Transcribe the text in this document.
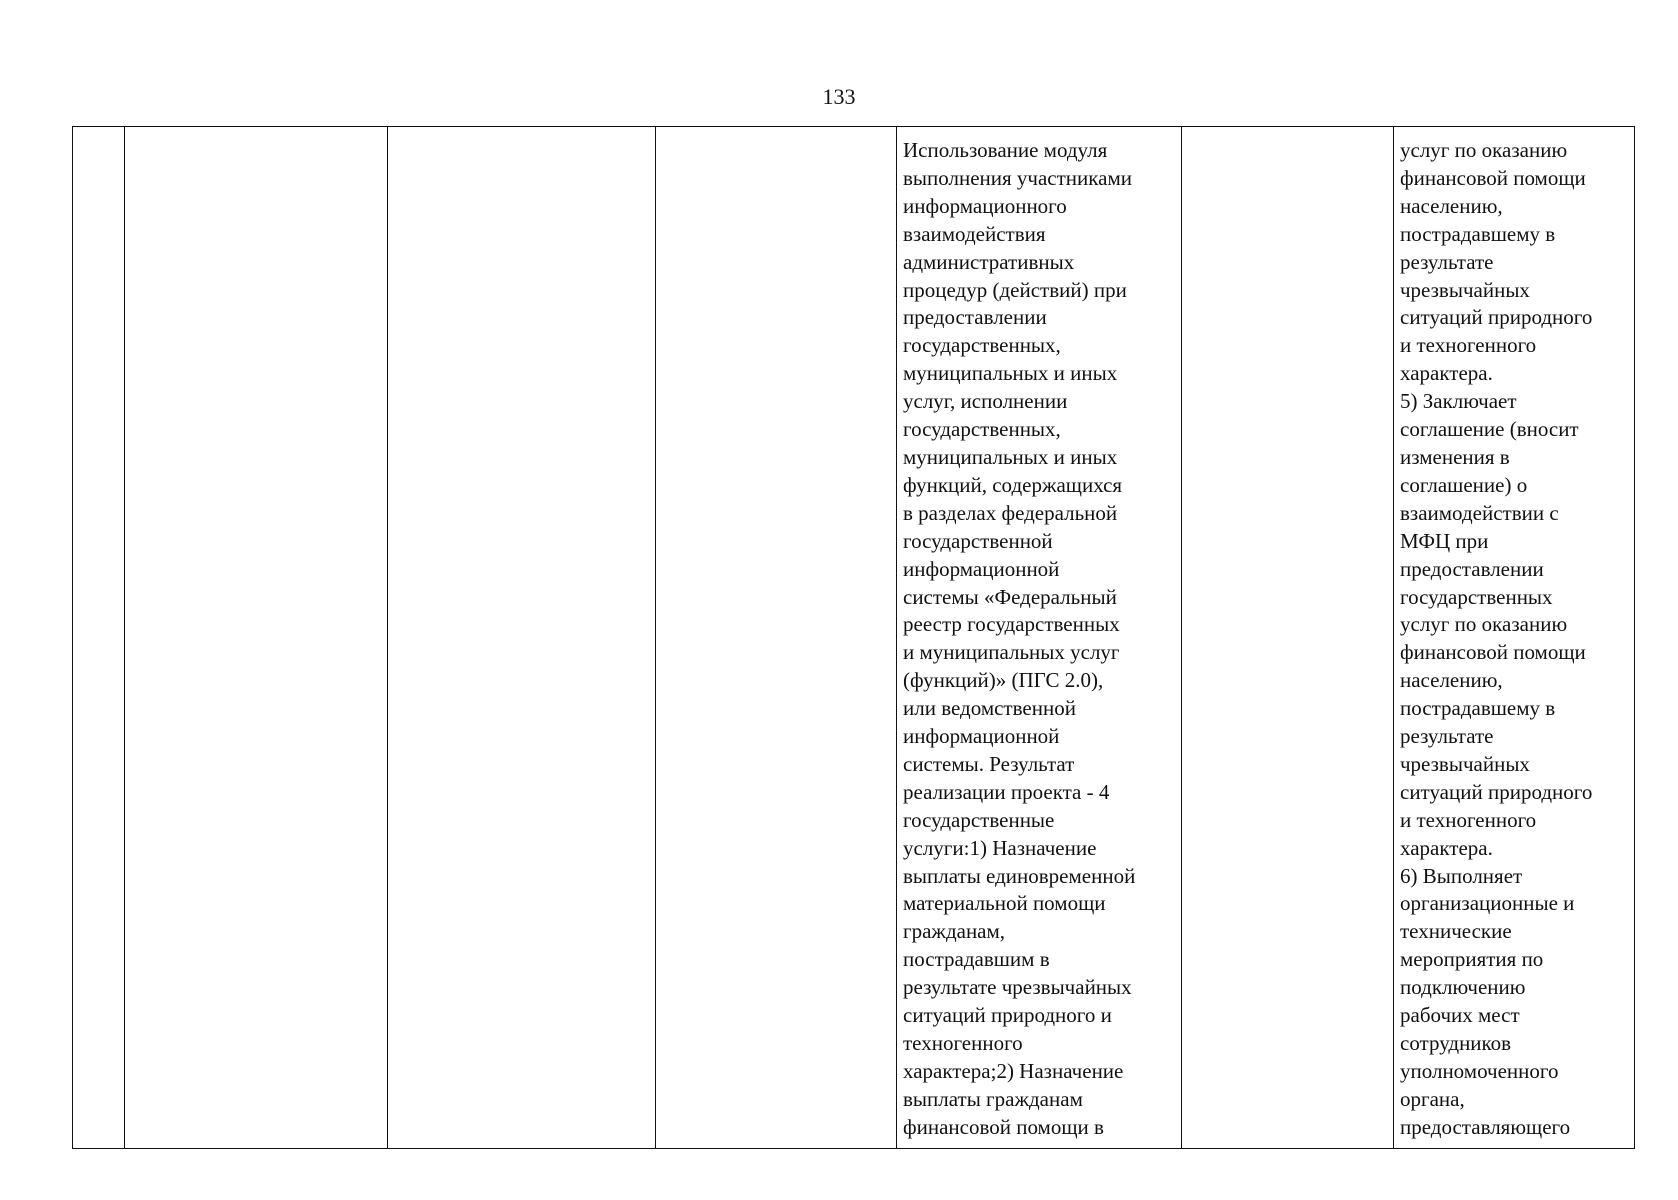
133
				Использование модуля
выполнения участниками
информационного
взаимодействия
административных
процедур (действий) при
предоставлении
государственных,
муниципальных и иных
услуг, исполнении
государственных,
муниципальных и иных
функций, содержащихся
в разделах федеральной
государственной
информационной
системы «Федеральный
реестр государственных
и муниципальных услуг
(функций)» (ПГС 2.0),
или ведомственной
информационной
системы. Результат
реализации проекта - 4
государственные
услуги:1) Назначение
выплаты единовременной
материальной помощи
гражданам,
пострадавшим в
результате чрезвычайных
ситуаций природного и
техногенного
характера;2) Назначение
выплаты гражданам
финансовой помощи в		услуг по оказанию
финансовой помощи
населению,
пострадавшему в
результате
чрезвычайных
ситуаций природного
и техногенного
характера.
5) Заключает
соглашение (вносит
изменения в
соглашение) о
взаимодействии с
МФЦ при
предоставлении
государственных
услуг по оказанию
финансовой помощи
населению,
пострадавшему в
результате
чрезвычайных
ситуаций природного
и техногенного
характера.
6) Выполняет
организационные и
технические
мероприятия по
подключению
рабочих мест
сотрудников
уполномоченного
органа,
предоставляющего
